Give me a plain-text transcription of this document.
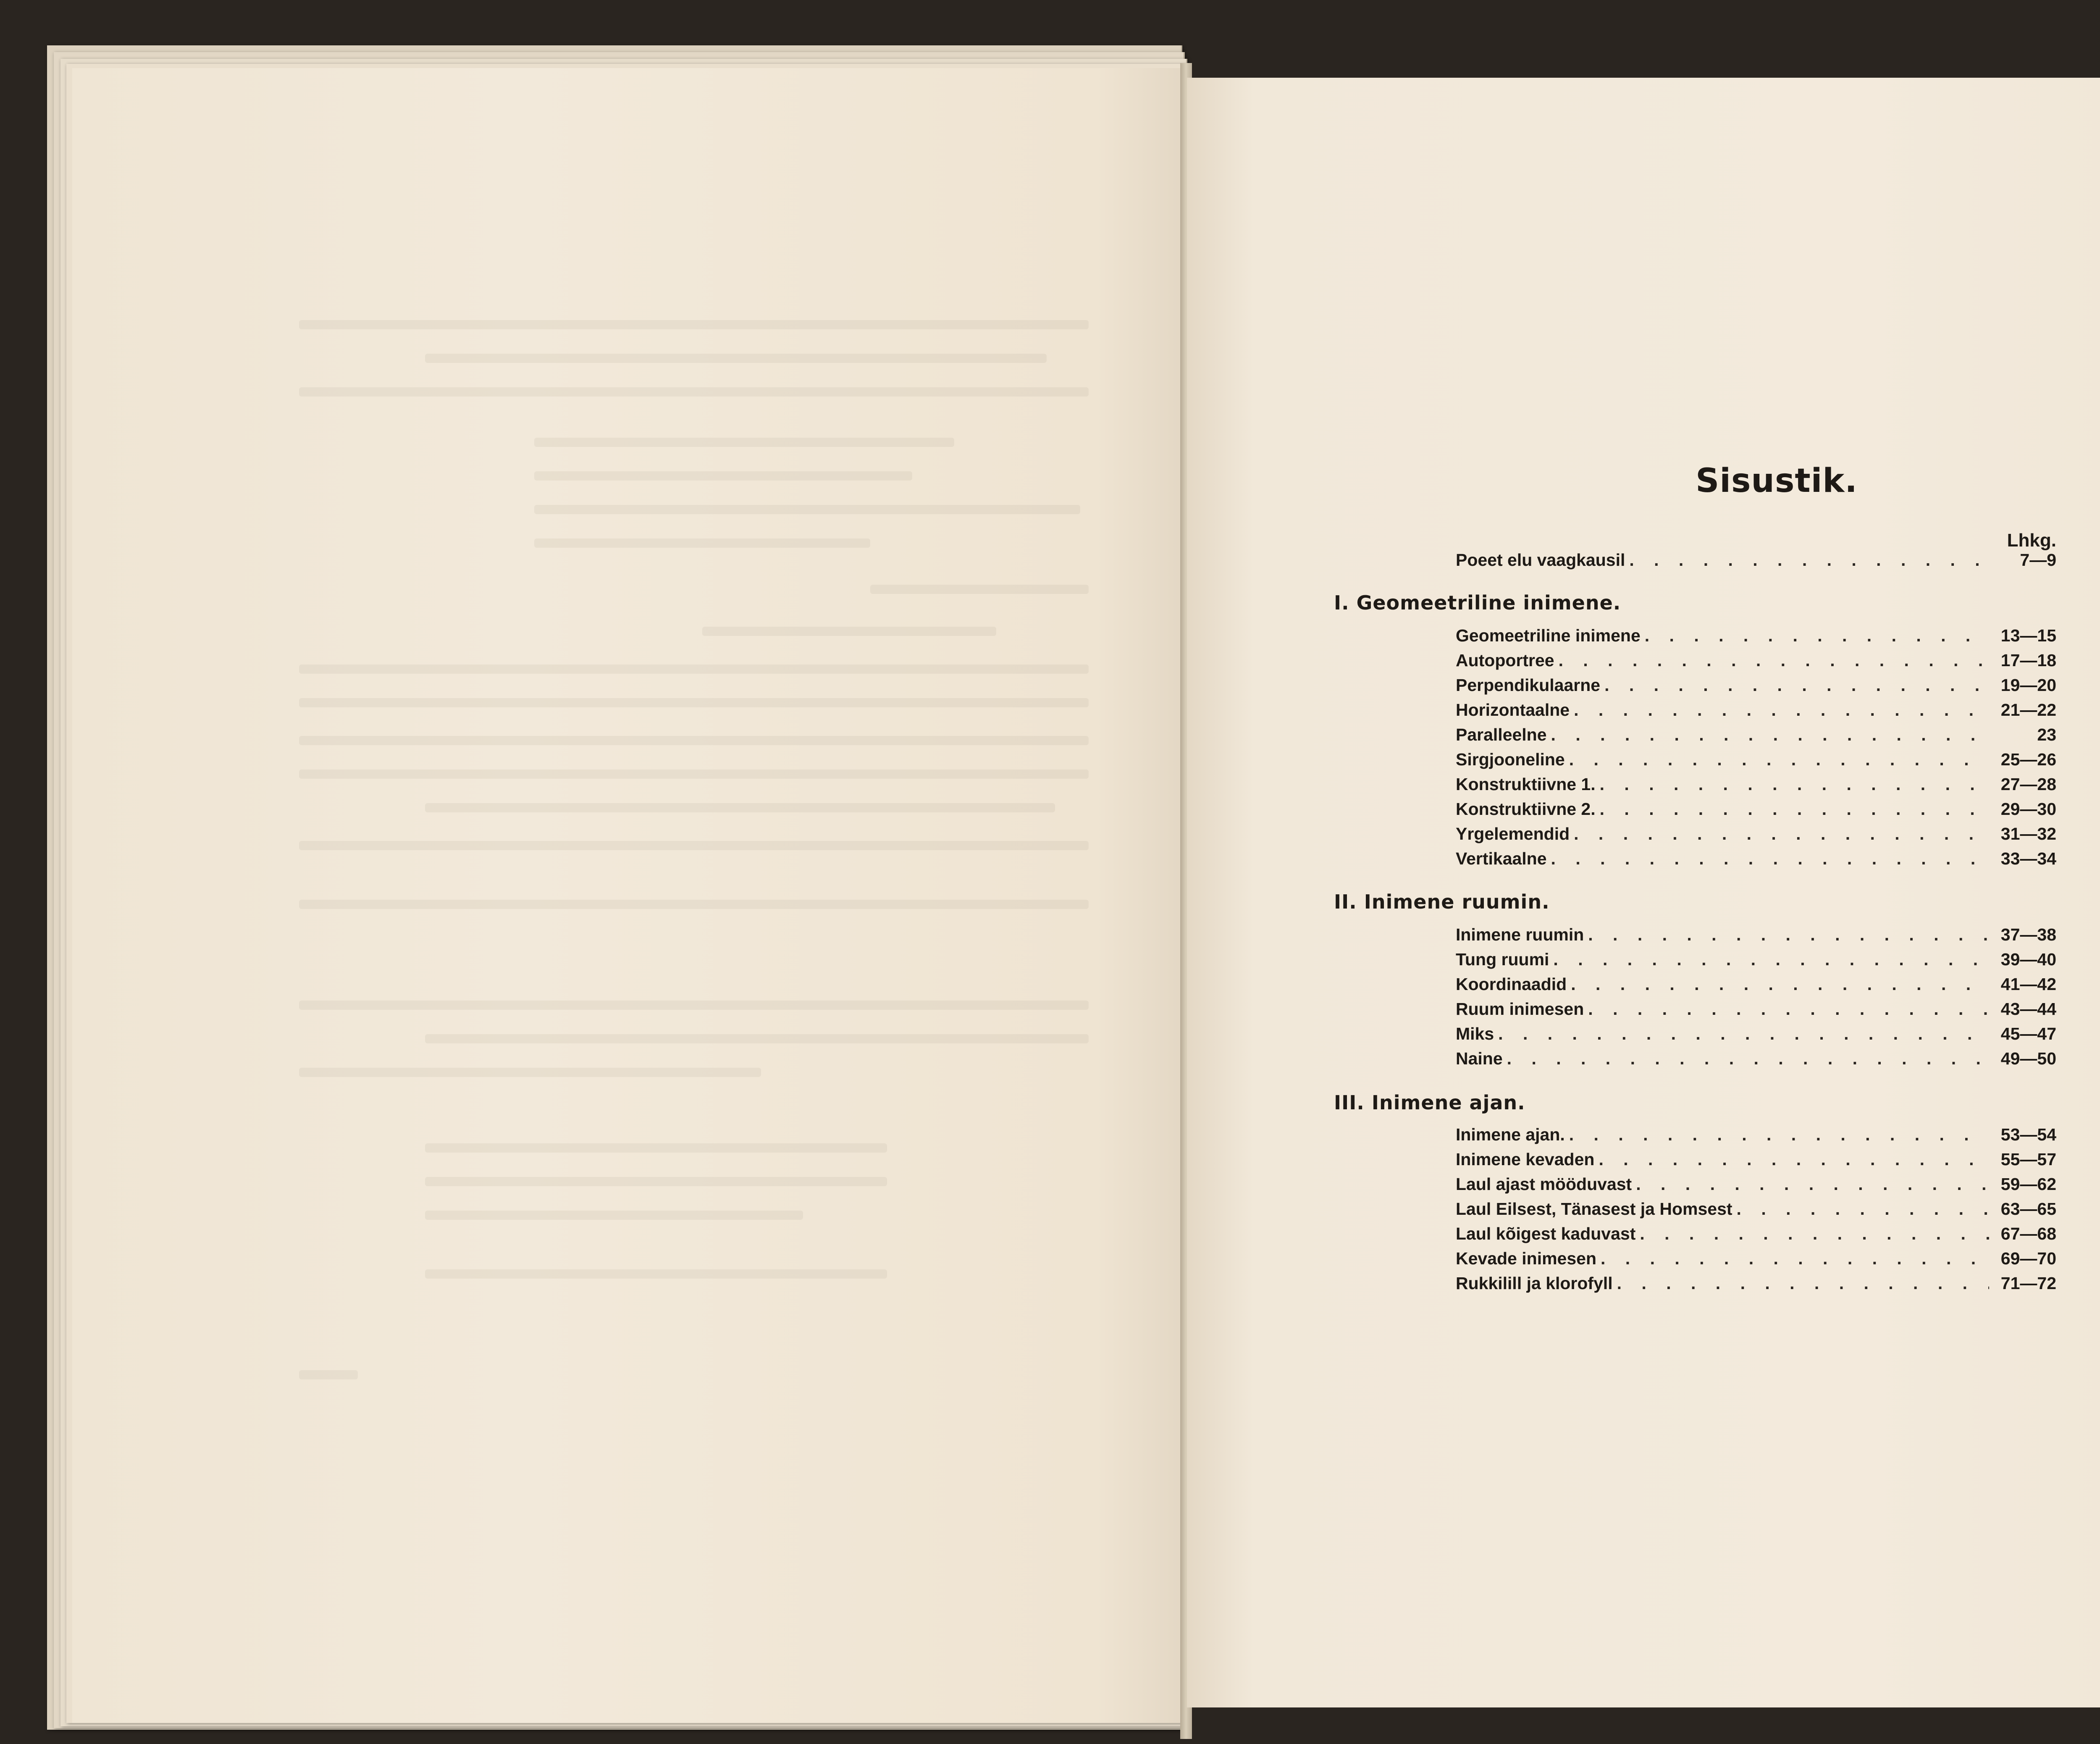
Sisustik.
Lhkg.
Poeet elu vaagkausil . . .	7—9
I. Geomeetriline inimene.
Geomeetriline inimene . . .	13—15
Autoportree . . .	17—18
Perpendikulaarne . . .	19—20
Horizontaalne . . .	21—22
Paralleelne . . .	23
Sirgjooneline . . .	25—26
Konstruktiivne 1. . . .	27—28
Konstruktiivne 2. . . .	29—30
Yrgelemendid . . .	31—32
Vertikaalne . . .	33—34
II. Inimene ruumin.
Inimene ruumin . . .	37—38
Tung ruumi . . .	39—40
Koordinaadid . . .	41—42
Ruum inimesen . . .	43—44
Miks . . .	45—47
Naine . . .	49—50
III. Inimene ajan.
Inimene ajan. . . .	53—54
Inimene kevaden . . .	55—57
Laul ajast mööduvast . . .	59—62
Laul Eilsest, Tänasest ja Homsest . . .	63—65
Laul kõigest kaduvast . . .	67—68
Kevade inimesen . . .	69—70
Rukkilill ja klorofyll . . .	71—72
